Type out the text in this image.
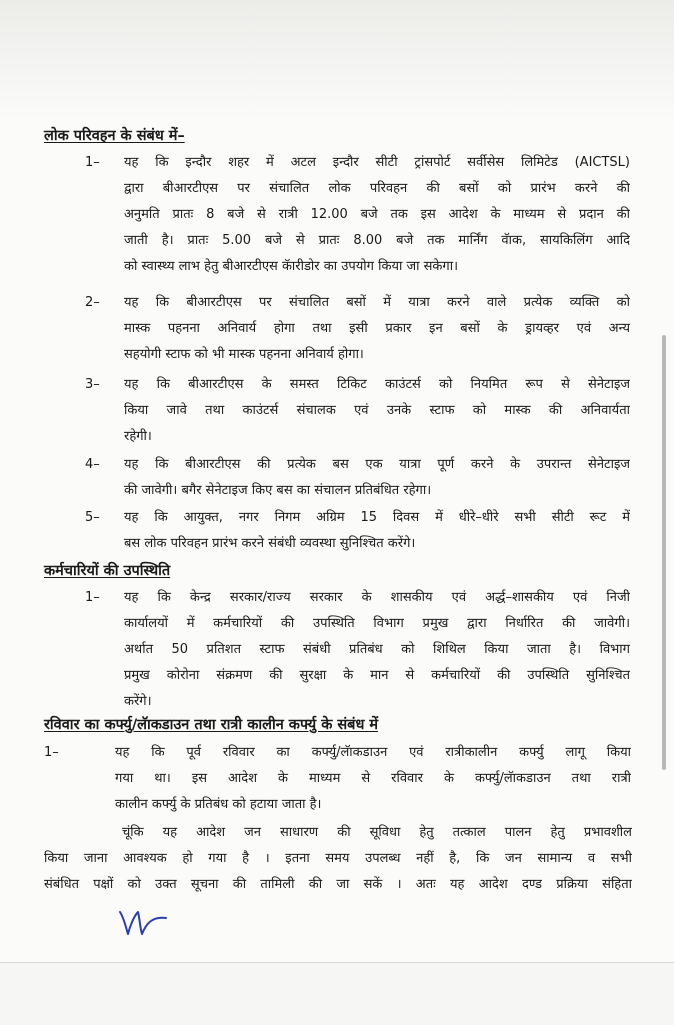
लोक परिवहन के संबंध में–
1– यह कि इन्दौर शहर में अटल इन्दौर सीटी ट्रांसपोर्ट सर्वीसेस लिमिटेड (AICTSL)
द्वारा बीआरटीएस पर संचालित लोक परिवहन की बसों को प्रारंभ करने की
अनुमति प्रातः 8 बजे से रात्री 12.00 बजे तक इस आदेश के माध्यम से प्रदान की
जाती है। प्रातः 5.00 बजे से प्रातः 8.00 बजे तक मार्निंग वॅाक, सायकिलिंग आदि
को स्वास्थ्य लाभ हेतु बीआरटीएस कॅारीडोर का उपयोग किया जा सकेगा।
2– यह कि बीआरटीएस पर संचालित बसों में यात्रा करने वाले प्रत्येक व्यक्ति को
मास्क पहनना अनिवार्य होगा तथा इसी प्रकार इन बसों के ड्रायव्हर एवं अन्य
सहयोगी स्टाफ को भी मास्क पहनना अनिवार्य होगा।
3– यह कि बीआरटीएस के समस्त टिकिट काउंटर्स को नियमित रूप से सेनेटाइज
किया जावे तथा काउंटर्स संचालक एवं उनके स्टाफ को मास्क की अनिवार्यता
रहेगी।
4– यह कि बीआरटीएस की प्रत्येक बस एक यात्रा पूर्ण करने के उपरान्त सेनेटाइज
की जावेगी। बगैर सेनेटाइज किए बस का संचालन प्रतिबंधित रहेगा।
5– यह कि आयुक्त, नगर निगम अग्रिम 15 दिवस में धीरे–धीरे सभी सीटी रूट में
बस लोक परिवहन प्रारंभ करने संबंधी व्यवस्था सुनिश्चित करेंगे।
कर्मचारियों की उपस्थिति
1– यह कि केन्द्र सरकार/राज्य सरकार के शासकीय एवं अर्द्ध–शासकीय एवं निजी
कार्यालयों में कर्मचारियों की उपस्थिति विभाग प्रमुख द्वारा निर्धारित की जावेगी।
अर्थात 50 प्रतिशत स्टाफ संबंधी प्रतिबंध को शिथिल किया जाता है। विभाग
प्रमुख कोरोना संक्रमण की सुरक्षा के मान से कर्मचारियों की उपस्थिति सुनिश्चित
करेंगे।
रविवार का कर्फ्यु/लॅाकडाउन तथा रात्री कालीन कर्फ्यु के संबंध में
1–	यह कि पूर्व रविवार का कर्फ्यु/लॅाकडाउन एवं रात्रीकालीन कर्फ्यु लागू किया
गया था। इस आदेश के माध्यम से रविवार के कर्फ्यु/लॅाकडाउन तथा रात्री
कालीन कर्फ्यु के प्रतिबंध को हटाया जाता है।
चूंकि यह आदेश जन साधारण की सूविधा हेतु तत्काल पालन हेतु प्रभावशील
किया जाना आवश्यक हो गया है । इतना समय उपलब्ध नहीं है, कि जन सामान्य व सभी
संबंधित पक्षों को उक्त सूचना की तामिली की जा सकें । अतः यह आदेश दण्ड प्रक्रिया संहिता
